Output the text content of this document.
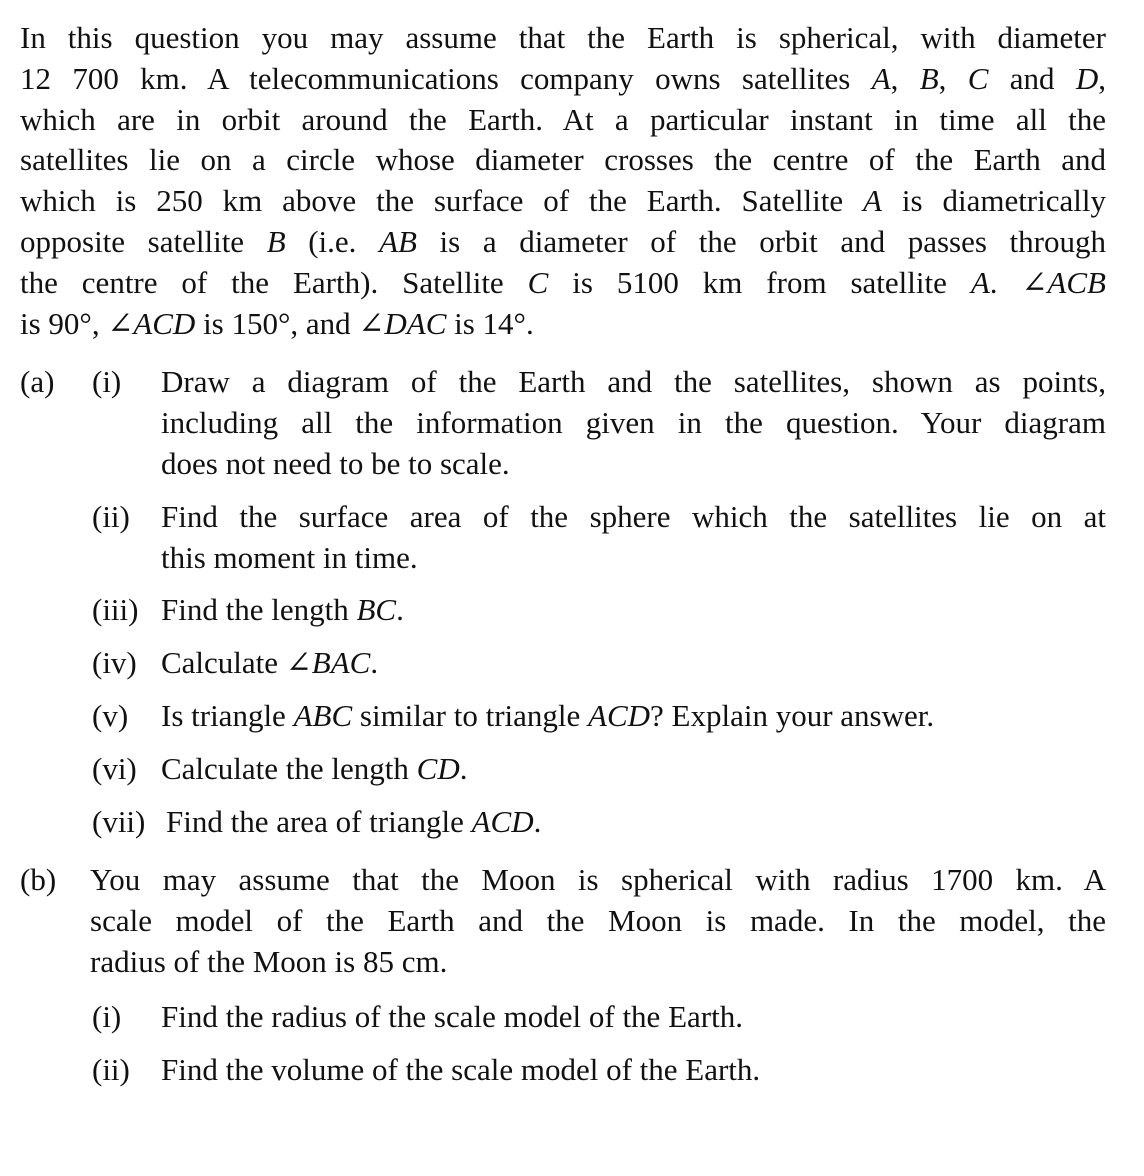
In this question you may assume that the Earth is spherical, with diameter
12 700 km. A telecommunications company owns satellites A, B, C and D,
which are in orbit around the Earth. At a particular instant in time all the
satellites lie on a circle whose diameter crosses the centre of the Earth and
which is 250 km above the surface of the Earth. Satellite A is diametrically
opposite satellite B (i.e. AB is a diameter of the orbit and passes through
the centre of the Earth). Satellite C is 5100 km from satellite A. ∠ACB
is 90°, ∠ACD is 150°, and ∠DAC is 14°.
(a)	(i)	Draw a diagram of the Earth and the satellites, shown as points,
including all the information given in the question. Your diagram
does not need to be to scale.
(ii)	Find the surface area of the sphere which the satellites lie on at
this moment in time.
(iii) Find the length BC.
(iv) Calculate ∠BAC.
(v)	Is triangle ABC similar to triangle ACD? Explain your answer.
(vi) Calculate the length CD.
(vii) Find the area of triangle ACD.
(b)	You may assume that the Moon is spherical with radius 1700 km. A
scale model of the Earth and the Moon is made. In the model, the
radius of the Moon is 85 cm.
(i)	Find the radius of the scale model of the Earth.
(ii)	Find the volume of the scale model of the Earth.
